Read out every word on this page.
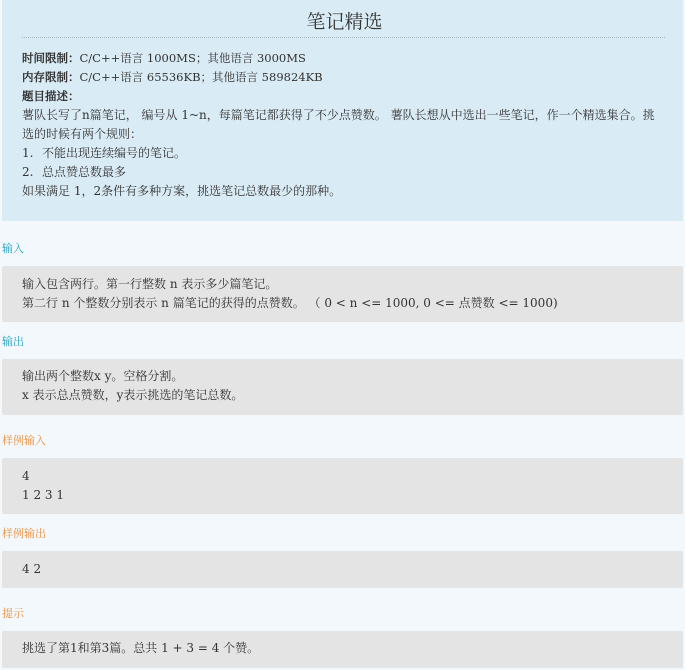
笔记精选
时间限制：C/C++语言 1000MS；其他语言 3000MS
内存限制：C/C++语言 65536KB；其他语言 589824KB
题目描述：
薯队长写了n篇笔记， 编号从 1~n，每篇笔记都获得了不少点赞数。 薯队长想从中选出一些笔记，作一个精选集合。挑选的时候有两个规则：
1. 不能出现连续编号的笔记。
2. 总点赞总数最多
如果满足 1，2条件有多种方案，挑选笔记总数最少的那种。
输入
输入包含两行。第一行整数 n 表示多少篇笔记。
第二行 n 个整数分别表示 n 篇笔记的获得的点赞数。 （ 0 < n <= 1000, 0 <= 点赞数 <= 1000)
输出
输出两个整数x y。空格分割。
x 表示总点赞数，y表示挑选的笔记总数。
样例输入
4
1 2 3 1
样例输出
4 2
提示
挑选了第1和第3篇。总共 1 + 3 = 4 个赞。
